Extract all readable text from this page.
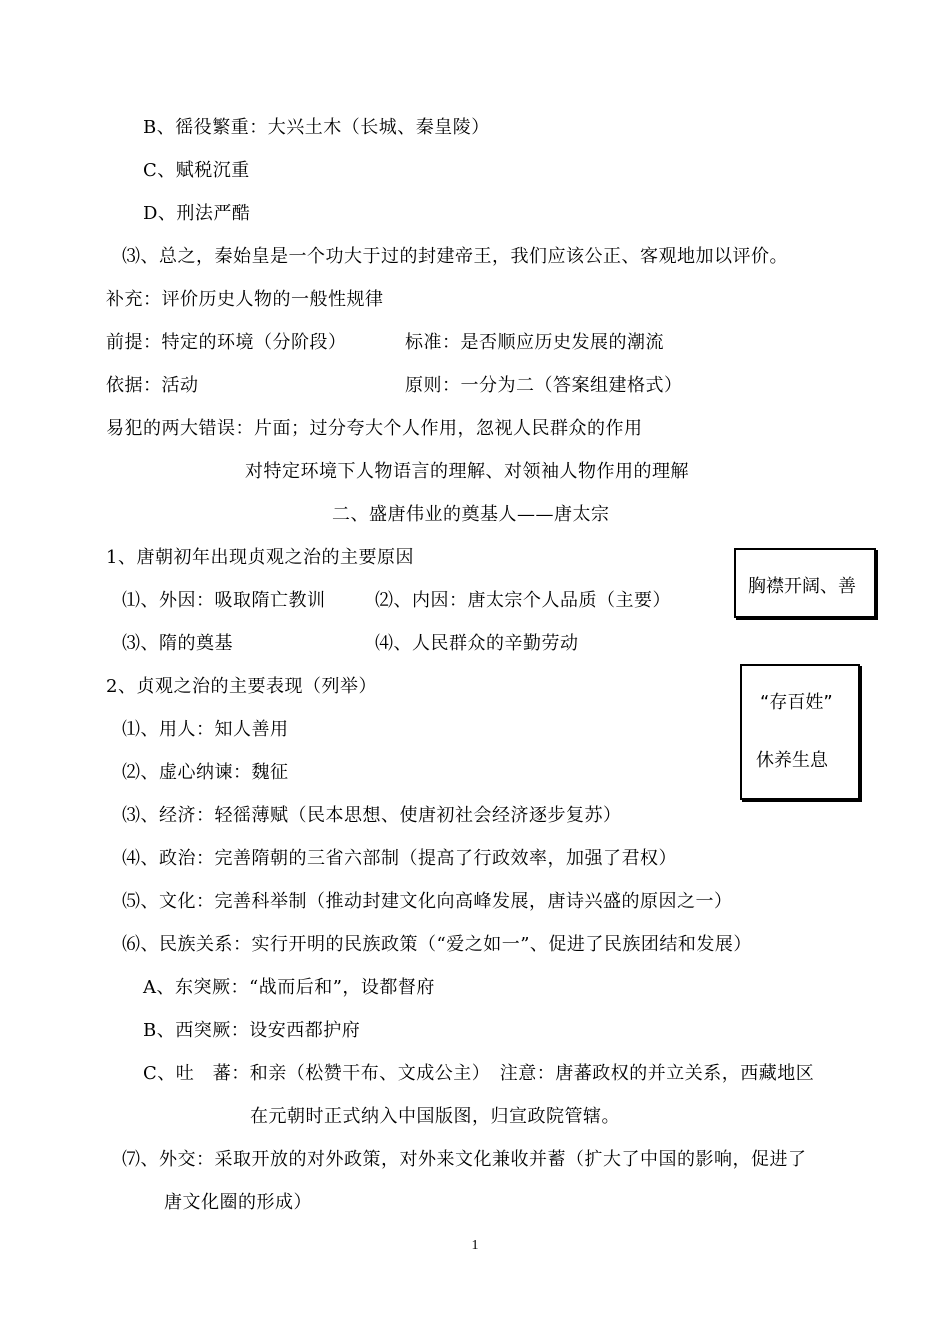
B、徭役繁重：大兴土木（长城、秦皇陵）
C、赋税沉重
D、刑法严酷
⑶、总之，秦始皇是一个功大于过的封建帝王，我们应该公正、客观地加以评价。
补充：评价历史人物的一般性规律
前提：特定的环境（分阶段）	标准：是否顺应历史发展的潮流
依据：活动	原则：一分为二（答案组建格式）
易犯的两大错误：片面；过分夸大个人作用，忽视人民群众的作用
对特定环境下人物语言的理解、对领袖人物作用的理解
二、盛唐伟业的奠基人——唐太宗
1、唐朝初年出现贞观之治的主要原因
⑴、外因：吸取隋亡教训	⑵、内因：唐太宗个人品质（主要）
⑶、隋的奠基	⑷、人民群众的辛勤劳动
2、贞观之治的主要表现（列举）
⑴、用人：知人善用
⑵、虚心纳谏：魏征
⑶、经济：轻徭薄赋（民本思想、使唐初社会经济逐步复苏）
⑷、政治：完善隋朝的三省六部制（提高了行政效率，加强了君权）
⑸、文化：完善科举制（推动封建文化向高峰发展，唐诗兴盛的原因之一）
⑹、民族关系：实行开明的民族政策（“爱之如一”、促进了民族团结和发展）
A、东突厥：“战而后和”，设都督府
B、西突厥：设安西都护府
C、吐　蕃：和亲（松赞干布、文成公主）　注意：唐蕃政权的并立关系，西藏地区
在元朝时正式纳入中国版图，归宣政院管辖。
⑺、外交：采取开放的对外政策，对外来文化兼收并蓄（扩大了中国的影响，促进了
唐文化圈的形成）
胸襟开阔、善
“存百姓”
休养生息
1
